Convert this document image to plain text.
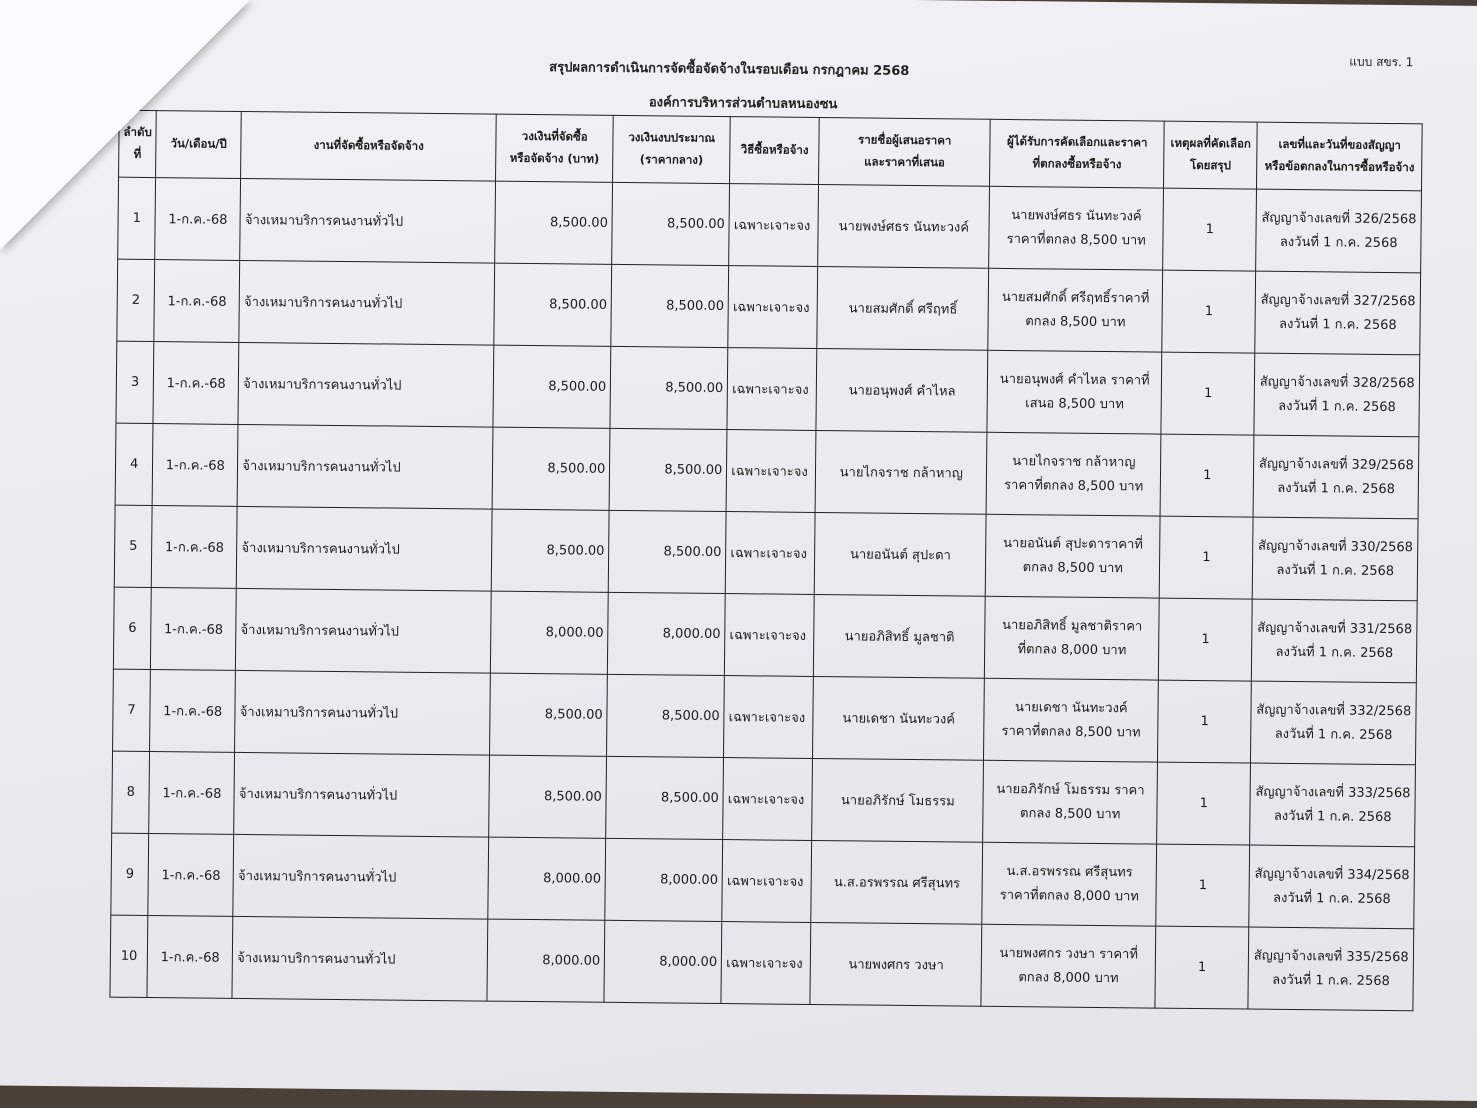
แบบ สขร. 1
สรุปผลการดำเนินการจัดซื้อจัดจ้างในรอบเดือน กรกฎาคม 2568
องค์การบริหารส่วนตำบลหนองซน
ลำดับที่	วัน/เดือน/ปี	งานที่จัดซื้อหรือจัดจ้าง	วงเงินที่จัดซื้อ
หรือจัดจ้าง (บาท)	วงเงินงบประมาณ
(ราคากลาง)	วิธีซื้อหรือจ้าง	รายชื่อผู้เสนอราคา
และราคาที่เสนอ	ผู้ได้รับการคัดเลือกและราคา
ที่ตกลงซื้อหรือจ้าง	เหตุผลที่คัดเลือก
โดยสรุป	เลขที่และวันที่ของสัญญา
หรือข้อตกลงในการซื้อหรือจ้าง

1	1-ก.ค.-68	จ้างเหมาบริการคนงานทั่วไป	8,500.00	8,500.00	เฉพาะเจาะจง	นายพงษ์ศธร นันทะวงค์	นายพงษ์ศธร นันทะวงค์
ราคาที่ตกลง 8,500 บาท	1	สัญญาจ้างเลขที่ 326/2568
ลงวันที่ 1 ก.ค. 2568

2	1-ก.ค.-68	จ้างเหมาบริการคนงานทั่วไป	8,500.00	8,500.00	เฉพาะเจาะจง	นายสมศักดิ์ ศรีฤทธิ์	นายสมศักดิ์ ศรีฤทธิ์ราคาที่
ตกลง 8,500 บาท	1	สัญญาจ้างเลขที่ 327/2568
ลงวันที่ 1 ก.ค. 2568

3	1-ก.ค.-68	จ้างเหมาบริการคนงานทั่วไป	8,500.00	8,500.00	เฉพาะเจาะจง	นายอนุพงศ์ คำไหล	นายอนุพงศ์ คำไหล ราคาที่
เสนอ 8,500 บาท	1	สัญญาจ้างเลขที่ 328/2568
ลงวันที่ 1 ก.ค. 2568

4	1-ก.ค.-68	จ้างเหมาบริการคนงานทั่วไป	8,500.00	8,500.00	เฉพาะเจาะจง	นายไกจราช กล้าหาญ	นายไกจราช กล้าหาญ
ราคาที่ตกลง 8,500 บาท	1	สัญญาจ้างเลขที่ 329/2568
ลงวันที่ 1 ก.ค. 2568

5	1-ก.ค.-68	จ้างเหมาบริการคนงานทั่วไป	8,500.00	8,500.00	เฉพาะเจาะจง	นายอนันต์ สุปะดา	นายอนันต์ สุปะดาราคาที่
ตกลง 8,500 บาท	1	สัญญาจ้างเลขที่ 330/2568
ลงวันที่ 1 ก.ค. 2568

6	1-ก.ค.-68	จ้างเหมาบริการคนงานทั่วไป	8,000.00	8,000.00	เฉพาะเจาะจง	นายอภิสิทธิ์ มูลชาติ	นายอภิสิทธิ์ มูลชาติราคา
ที่ตกลง 8,000 บาท	1	สัญญาจ้างเลขที่ 331/2568
ลงวันที่ 1 ก.ค. 2568

7	1-ก.ค.-68	จ้างเหมาบริการคนงานทั่วไป	8,500.00	8,500.00	เฉพาะเจาะจง	นายเดชา นันทะวงค์	นายเดชา นันทะวงค์
ราคาที่ตกลง 8,500 บาท	1	สัญญาจ้างเลขที่ 332/2568
ลงวันที่ 1 ก.ค. 2568

8	1-ก.ค.-68	จ้างเหมาบริการคนงานทั่วไป	8,500.00	8,500.00	เฉพาะเจาะจง	นายอภิรักษ์ โมธรรม	นายอภิรักษ์ โมธรรม ราคา
ตกลง 8,500 บาท	1	สัญญาจ้างเลขที่ 333/2568
ลงวันที่ 1 ก.ค. 2568

9	1-ก.ค.-68	จ้างเหมาบริการคนงานทั่วไป	8,000.00	8,000.00	เฉพาะเจาะจง	น.ส.อรพรรณ ศรีสุนทร	น.ส.อรพรรณ ศรีสุนทร
ราคาที่ตกลง 8,000 บาท	1	สัญญาจ้างเลขที่ 334/2568
ลงวันที่ 1 ก.ค. 2568

10	1-ก.ค.-68	จ้างเหมาบริการคนงานทั่วไป	8,000.00	8,000.00	เฉพาะเจาะจง	นายพงศกร วงษา	นายพงศกร วงษา ราคาที่
ตกลง 8,000 บาท	1	สัญญาจ้างเลขที่ 335/2568
ลงวันที่ 1 ก.ค. 2568
